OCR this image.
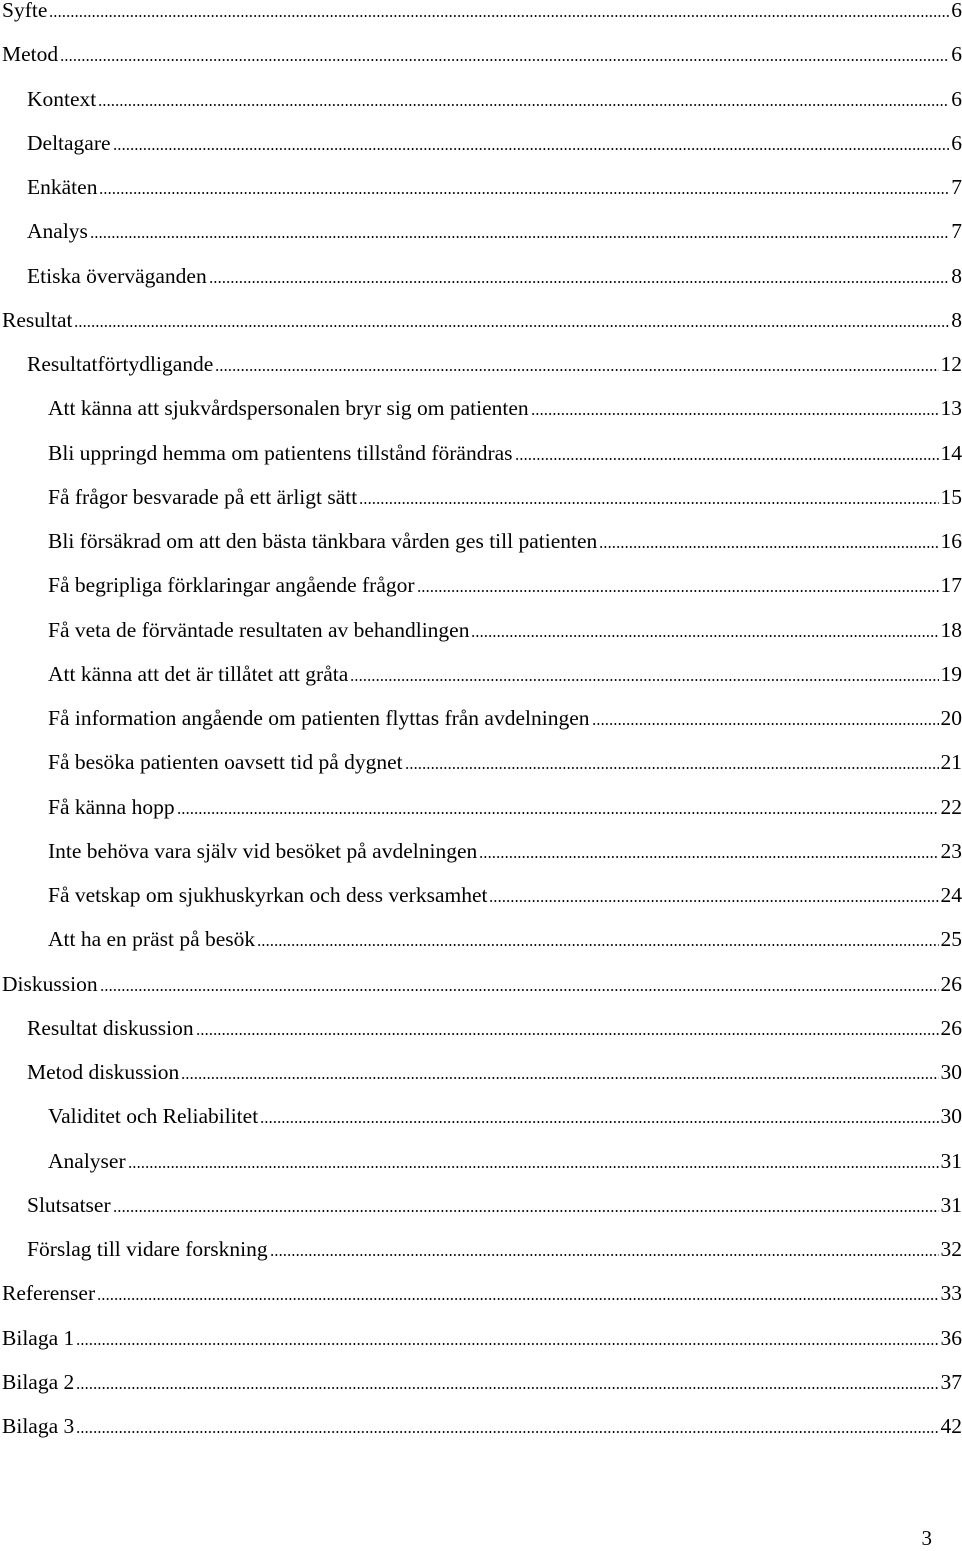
Syfte	6
Metod	6
Kontext	6
Deltagare	6
Enkäten	7
Analys	7
Etiska överväganden	8
Resultat	8
Resultatförtydligande	12
Att känna att sjukvårdspersonalen bryr sig om patienten	13
Bli uppringd hemma om patientens tillstånd förändras	14
Få frågor besvarade på ett ärligt sätt	15
Bli försäkrad om att den bästa tänkbara vården ges till patienten	16
Få begripliga förklaringar angående frågor	17
Få veta de förväntade resultaten av behandlingen	18
Att känna att det är tillåtet att gråta	19
Få information angående om patienten flyttas från avdelningen	20
Få besöka patienten oavsett tid på dygnet	21
Få känna hopp	22
Inte behöva vara själv vid besöket på avdelningen	23
Få vetskap om sjukhuskyrkan och dess verksamhet	24
Att ha en präst på besök	25
Diskussion	26
Resultat diskussion	26
Metod diskussion	30
Validitet och Reliabilitet	30
Analyser	31
Slutsatser	31
Förslag till vidare forskning	32
Referenser	33
Bilaga 1	36
Bilaga 2	37
Bilaga 3	42
3
